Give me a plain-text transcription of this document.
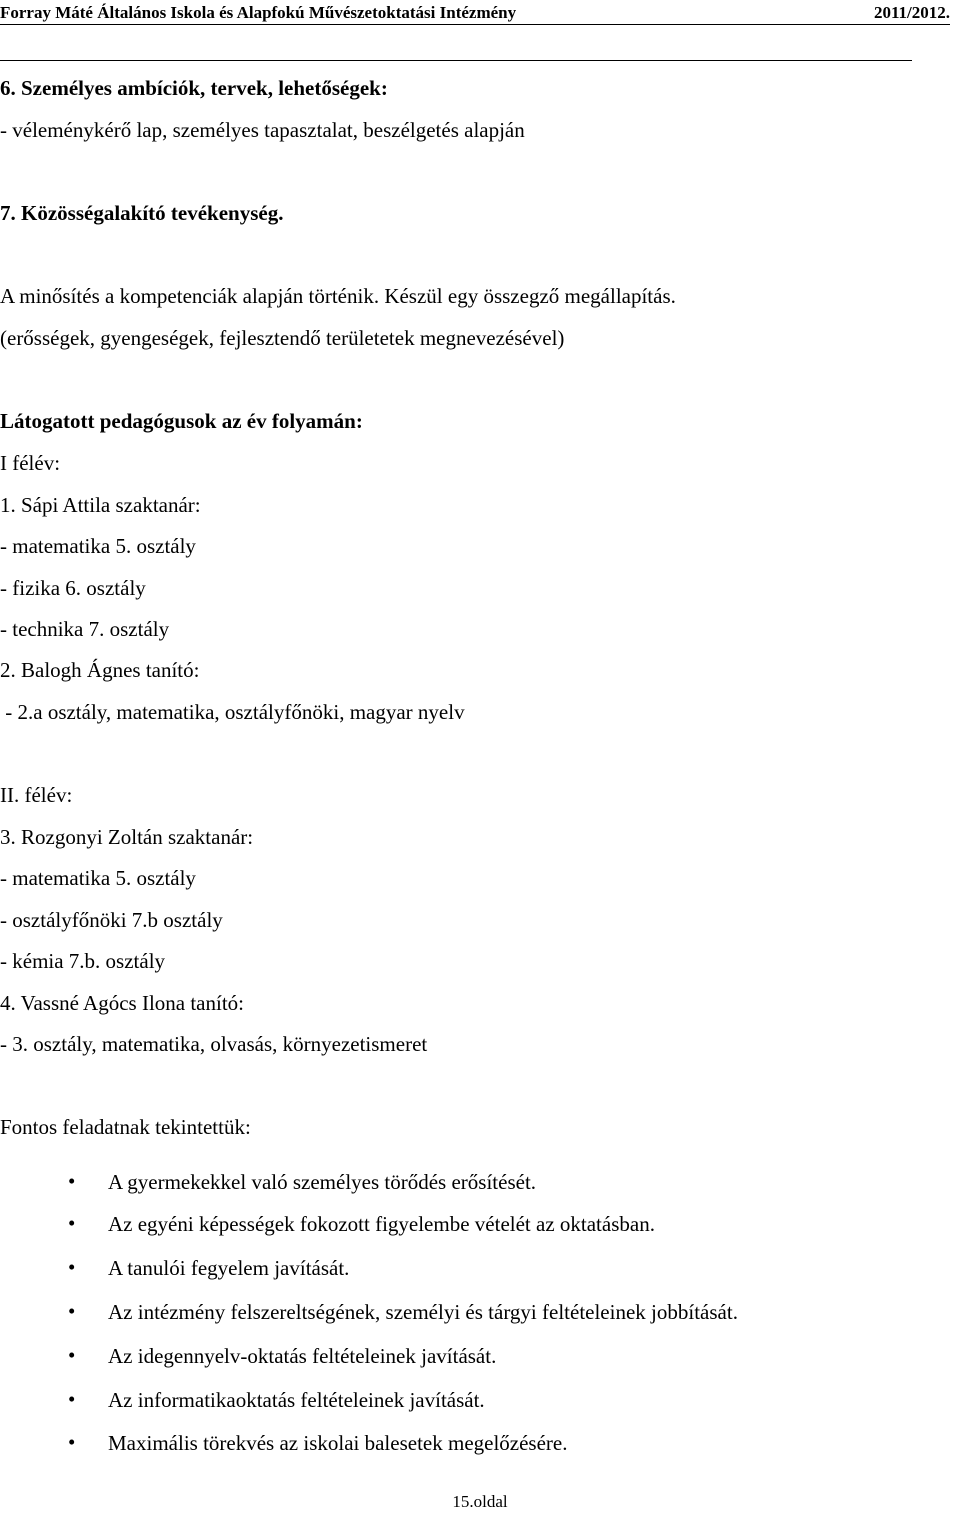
Forray Máté Általános Iskola és Alapfokú Művészetoktatási Intézmény	2011/2012.
6. Személyes ambíciók, tervek, lehetőségek:
- véleménykérő lap, személyes tapasztalat, beszélgetés alapján
7. Közösségalakító tevékenység.
A minősítés a kompetenciák alapján történik. Készül egy összegző megállapítás.
(erősségek, gyengeségek, fejlesztendő területetek megnevezésével)
Látogatott pedagógusok az év folyamán:
I félév:
1. Sápi Attila szaktanár:
- matematika 5. osztály
- fizika 6. osztály
- technika 7. osztály
2. Balogh Ágnes tanító:
- 2.a osztály, matematika, osztályfőnöki, magyar nyelv
II. félév:
3. Rozgonyi Zoltán szaktanár:
- matematika 5. osztály
- osztályfőnöki 7.b osztály
- kémia 7.b. osztály
4. Vassné Agócs Ilona tanító:
- 3. osztály, matematika, olvasás, környezetismeret
Fontos feladatnak tekintettük:
• A gyermekekkel való személyes törődés erősítését.
• Az egyéni képességek fokozott figyelembe vételét az oktatásban.
• A tanulói fegyelem javítását.
• Az intézmény felszereltségének, személyi és tárgyi feltételeinek jobbítását.
• Az idegennyelv-oktatás feltételeinek javítását.
• Az informatikaoktatás feltételeinek javítását.
• Maximális törekvés az iskolai balesetek megelőzésére.
15.oldal
